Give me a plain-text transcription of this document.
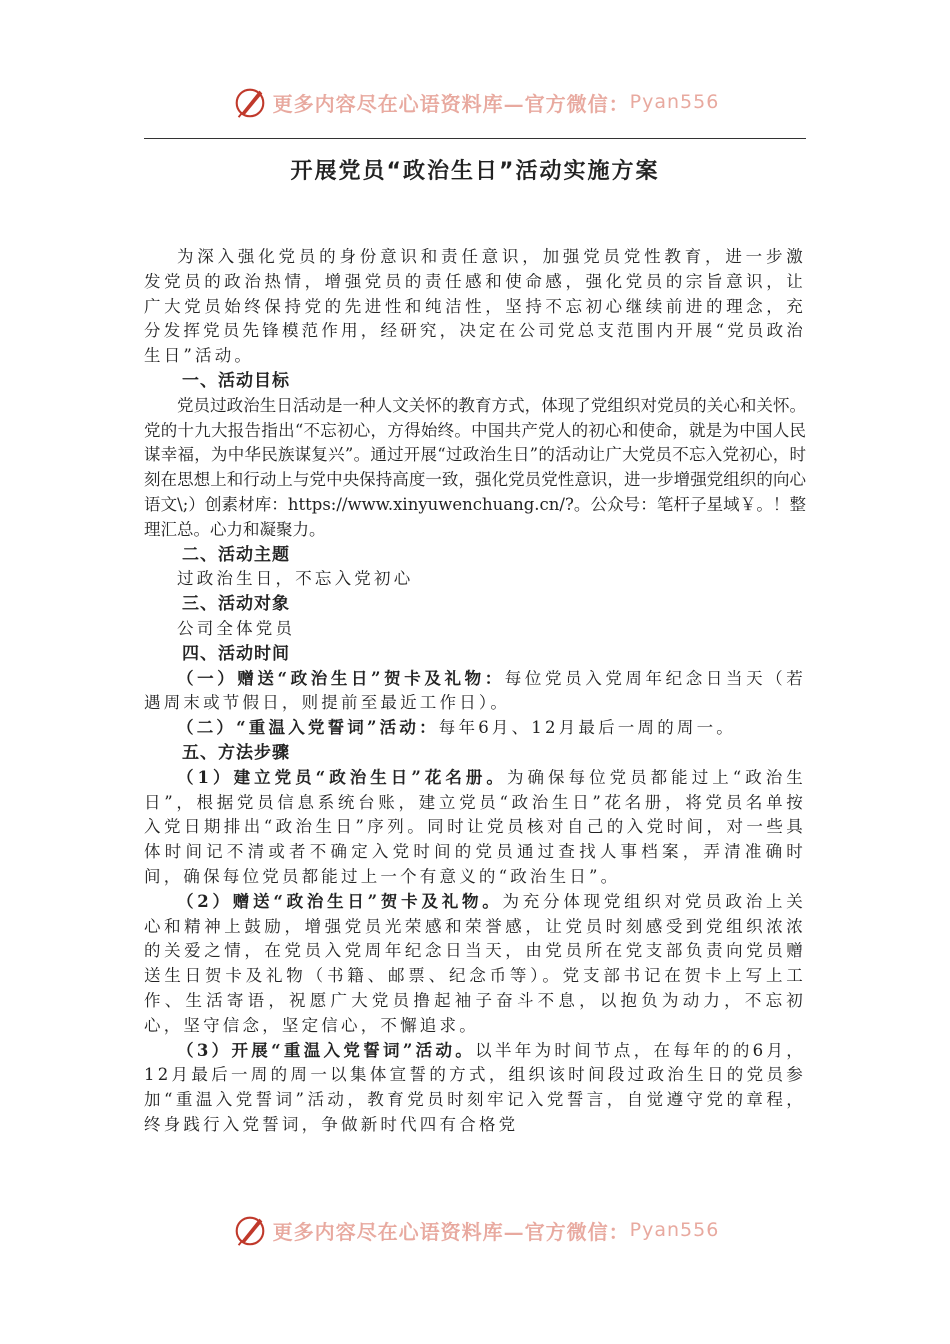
更多内容尽在心语资料库—官方微信： Pyan556
开展党员“政治生日”活动实施方案

为深入强化党员的身份意识和责任意识，加强党员党性教育，进一步激发党员的政治热情，增强党员的责任感和使命感，强化党员的宗旨意识，让广大党员始终保持党的先进性和纯洁性，坚持不忘初心继续前进的理念，充分发挥党员先锋模范作用，经研究，决定在公司党总支范围内开展“党员政治生日”活动。

一、活动目标

党员过政治生日活动是一种人文关怀的教育方式，体现了党组织对党员的关心和关怀。党的十九大报告指出“不忘初心，方得始终。中国共产党人的初心和使命，就是为中国人民谋幸福，为中华民族谋复兴”。通过开展“过政治生日”的活动让广大党员不忘入党初心，时刻在思想上和行动上与党中央保持高度一致，强化党员党性意识，进一步增强党组织的向心语文\;）创素材库：https://www.xinyuwenchuang.cn/?。公众号：笔杆子星域￥。！整理汇总。心力和凝聚力。

二、活动主题

过政治生日，不忘入党初心

三、活动对象

公司全体党员

四、活动时间

（一）赠送“政治生日”贺卡及礼物：每位党员入党周年纪念日当天（若遇周末或节假日，则提前至最近工作日）。

（二）“重温入党誓词”活动：每年6月、12月最后一周的周一。

五、方法步骤

（1）建立党员“政治生日”花名册。为确保每位党员都能过上“政治生日”，根据党员信息系统台账，建立党员“政治生日”花名册，将党员名单按入党日期排出“政治生日”序列。同时让党员核对自己的入党时间，对一些具体时间记不清或者不确定入党时间的党员通过查找人事档案，弄清准确时间，确保每位党员都能过上一个有意义的“政治生日”。

（2）赠送“政治生日”贺卡及礼物。为充分体现党组织对党员政治上关心和精神上鼓励，增强党员光荣感和荣誉感，让党员时刻感受到党组织浓浓的关爱之情，在党员入党周年纪念日当天，由党员所在党支部负责向党员赠送生日贺卡及礼物（书籍、邮票、纪念币等）。党支部书记在贺卡上写上工作、生活寄语，祝愿广大党员撸起袖子奋斗不息，以抱负为动力，不忘初心，坚守信念，坚定信心，不懈追求。

（3）开展“重温入党誓词”活动。以半年为时间节点，在每年的的6月，12月最后一周的周一以集体宣誓的方式，组织该时间段过政治生日的党员参加“重温入党誓词”活动，教育党员时刻牢记入党誓言，自觉遵守党的章程，终身践行入党誓词，争做新时代四有合格党

更多内容尽在心语资料库—官方微信： Pyan556
